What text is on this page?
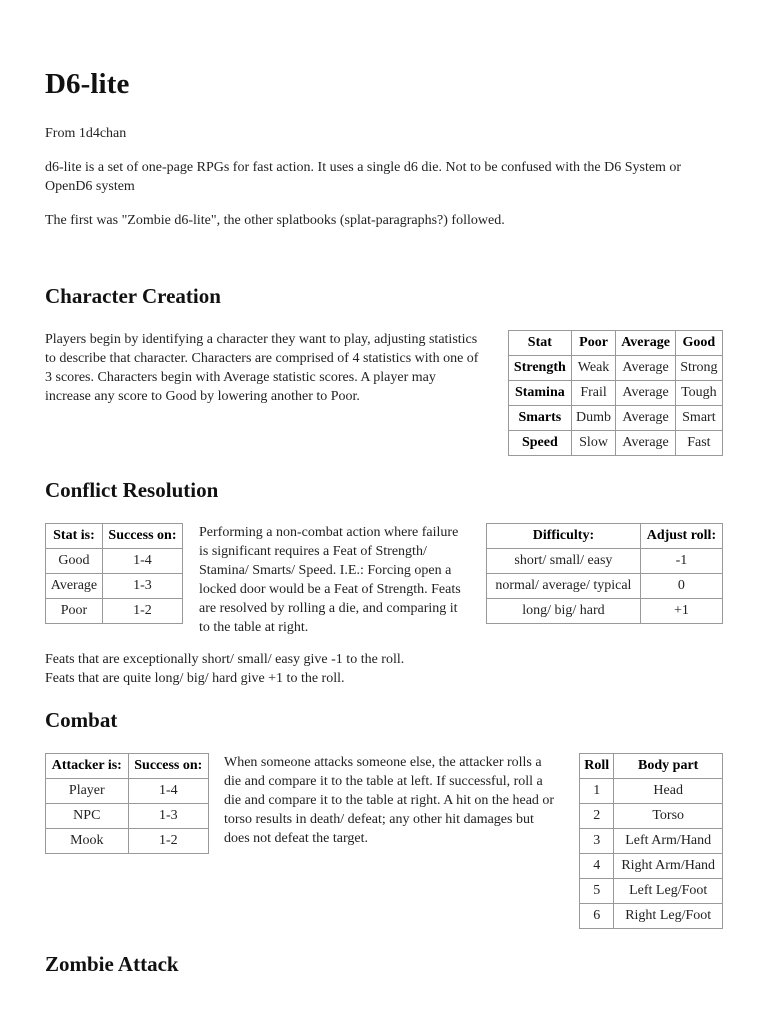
D6-lite

From 1d4chan

d6-lite is a set of one-page RPGs for fast action. It uses a single d6 die. Not to be confused with the D6 System or OpenD6 system

The first was "Zombie d6-lite", the other splatbooks (splat-paragraphs?) followed.

Character Creation

Players begin by identifying a character they want to play, adjusting statistics to describe that character. Characters are comprised of 4 statistics with one of 3 scores. Characters begin with Average statistic scores. A player may increase any score to Good by lowering another to Poor.

Stat	Poor	Average	Good
Strength	Weak	Average	Strong
Stamina	Frail	Average	Tough
Smarts	Dumb	Average	Smart
Speed	Slow	Average	Fast
Conflict Resolution
Stat is:	Success on:
Good	1-4
Average	1-3
Poor	1-2

Performing a non-combat action where failure is significant requires a Feat of Strength/ Stamina/ Smarts/ Speed. I.E.: Forcing open a locked door would be a Feat of Strength. Feats are resolved by rolling a die, and comparing it to the table at right.

Difficulty:	Adjust roll:
short/ small/ easy	-1
normal/ average/ typical	0
long/ big/ hard	+1

Feats that are exceptionally short/ small/ easy give -1 to the roll.

Feats that are quite long/ big/ hard give +1 to the roll.

Combat
Attacker is:	Success on:
Player	1-4
NPC	1-3
Mook	1-2

When someone attacks someone else, the attacker rolls a die and compare it to the table at left. If successful, roll a die and compare it to the table at right. A hit on the head or torso results in death/ defeat; any other hit damages but does not defeat the target.

Roll	Body part
1	Head
2	Torso
3	Left Arm/Hand
4	Right Arm/Hand
5	Left Leg/Foot
6	Right Leg/Foot
Zombie Attack
